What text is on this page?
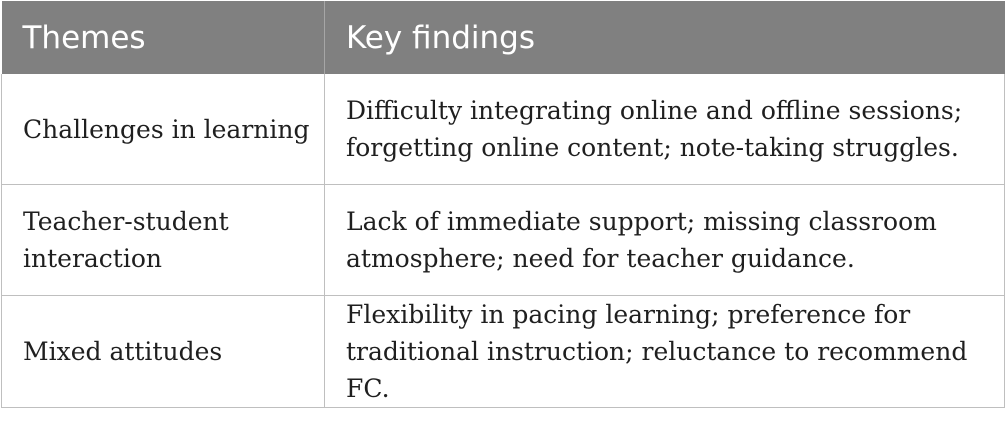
Themes	Key findings
Challenges in learning	Difficulty integrating online and offline sessions; forgetting online content; note-taking struggles.
Teacher-student interaction	Lack of immediate support; missing classroom atmosphere; need for teacher guidance.
Mixed attitudes	Flexibility in pacing learning; preference for traditional instruction; reluctance to recommend FC.
